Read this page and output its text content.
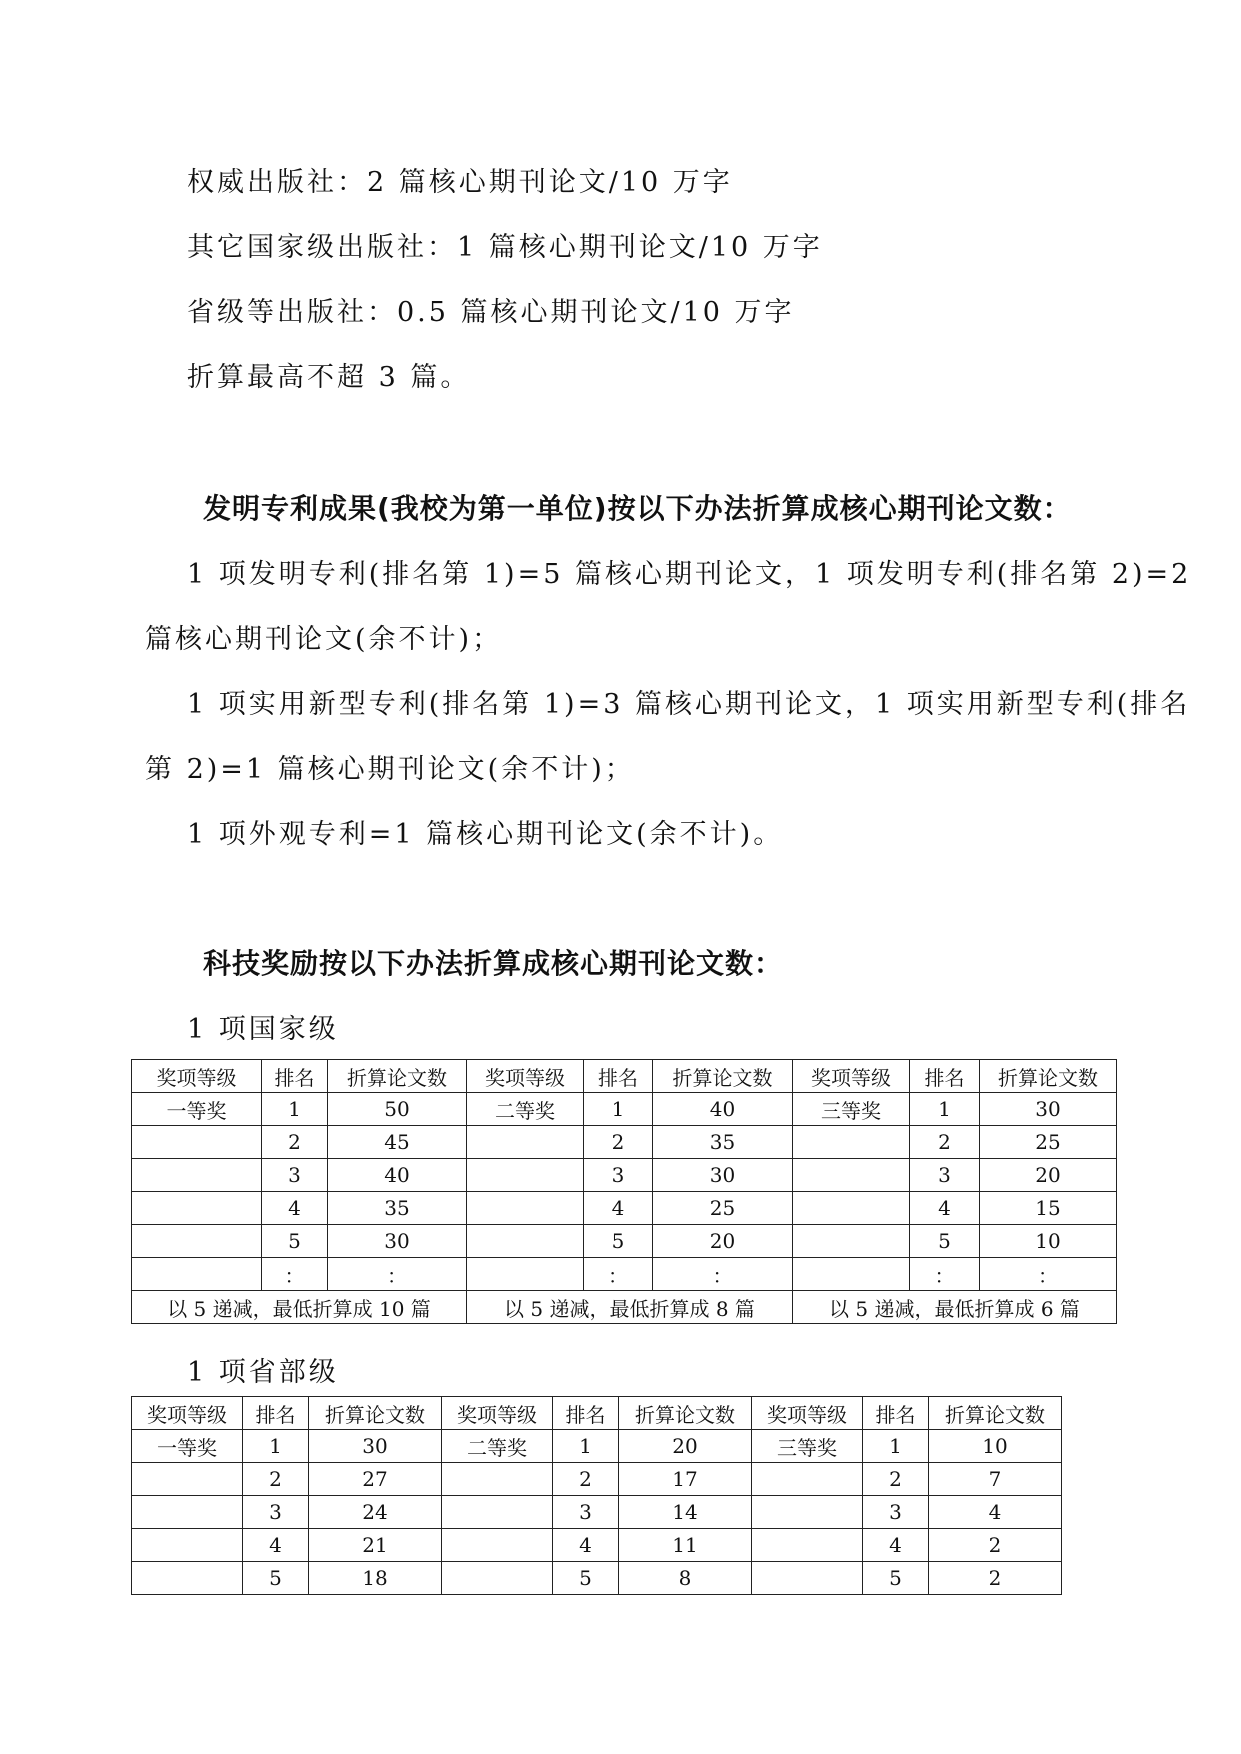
权威出版社：2 篇核心期刊论文/10 万字
其它国家级出版社：1 篇核心期刊论文/10 万字
省级等出版社：0.5 篇核心期刊论文/10 万字
折算最高不超 3 篇。
发明专利成果(我校为第一单位)按以下办法折算成核心期刊论文数：
1 项发明专利(排名第 1)=5 篇核心期刊论文，1 项发明专利(排名第 2)=2
篇核心期刊论文(余不计)；
1 项实用新型专利(排名第 1)=3 篇核心期刊论文，1 项实用新型专利(排名
第 2)=1 篇核心期刊论文(余不计)；
1 项外观专利=1 篇核心期刊论文(余不计)。
科技奖励按以下办法折算成核心期刊论文数：
1 项国家级
奖项等级	排名	折算论文数	奖项等级	排名	折算论文数	奖项等级	排名	折算论文数
一等奖	1	50	二等奖	1	40	三等奖	1	30
	2	45		2	35		2	25
	3	40		3	30		3	20
	4	35		4	25		4	15
	5	30		5	20		5	10
	：	：		：	：		：	：
以 5 递减，最低折算成 10 篇			以 5 递减，最低折算成 8 篇			以 5 递减，最低折算成 6 篇		
1 项省部级
奖项等级	排名	折算论文数	奖项等级	排名	折算论文数	奖项等级	排名	折算论文数
一等奖	1	30	二等奖	1	20	三等奖	1	10
	2	27		2	17		2	7
	3	24		3	14		3	4
	4	21		4	11		4	2
	5	18		5	8		5	2
